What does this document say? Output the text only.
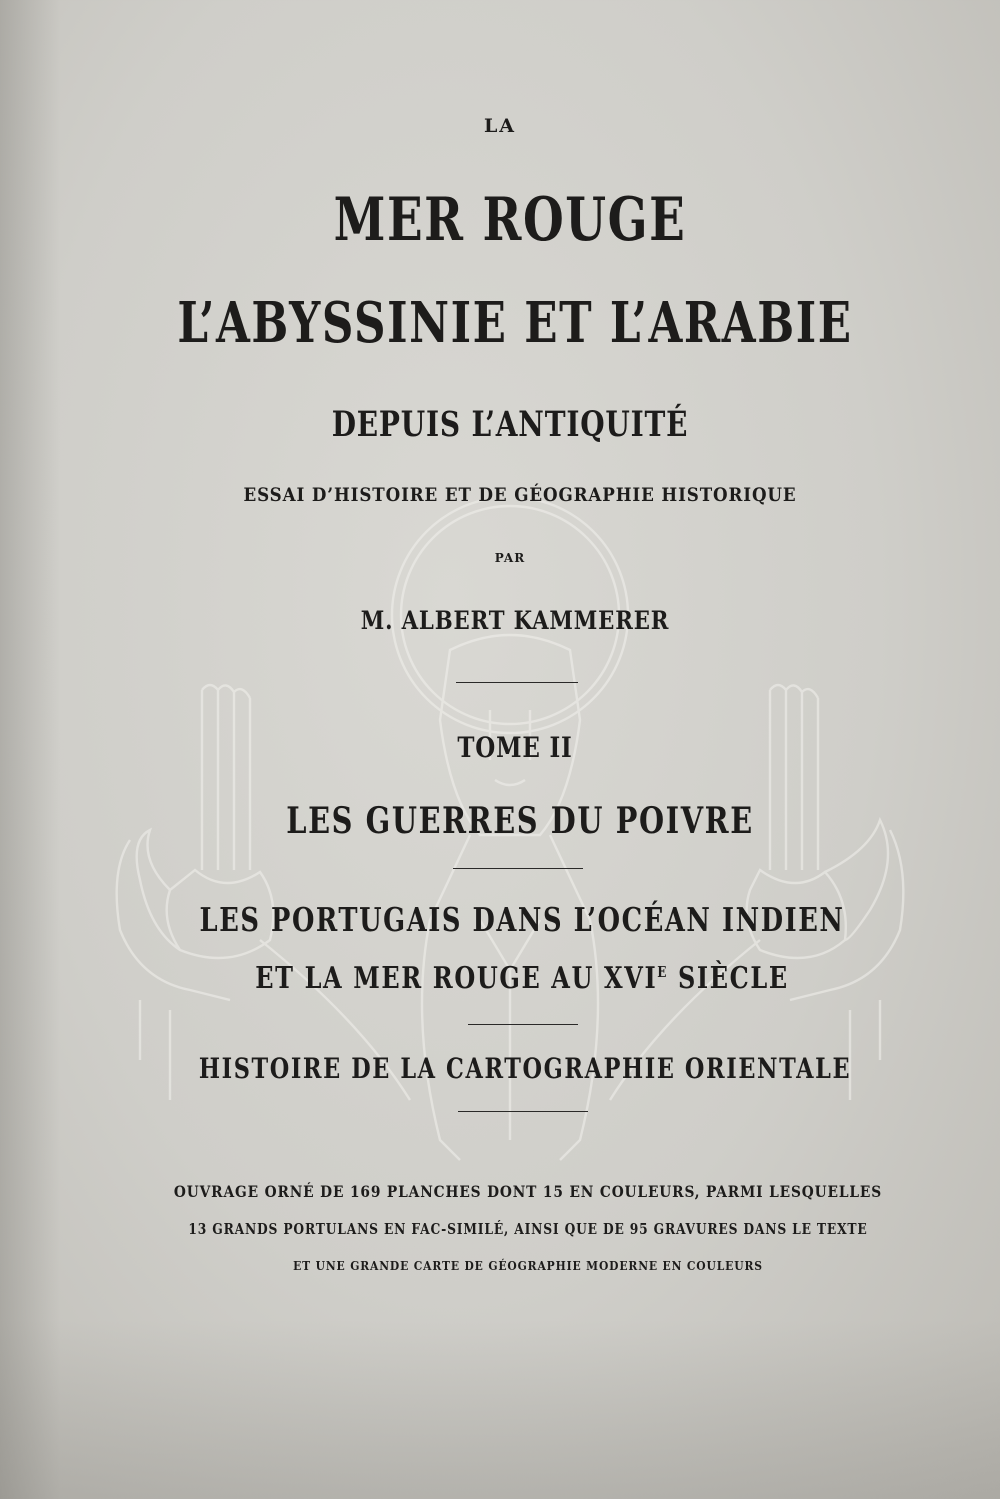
LA

MER ROUGE

L’ABYSSINIE ET L’ARABIE

DEPUIS L’ANTIQUITÉ

ESSAI D’HISTOIRE ET DE GÉOGRAPHIE HISTORIQUE

PAR

M. ALBERT KAMMERER

TOME II

LES GUERRES DU POIVRE

LES PORTUGAIS DANS L’OCÉAN INDIEN

ET LA MER ROUGE AU $XVI^E$ SIÈCLE

HISTOIRE DE LA CARTOGRAPHIE ORIENTALE

OUVRAGE ORNÉ DE 169 PLANCHES DONT 15 EN COULEURS, PARMI LESQUELLES

13 GRANDS PORTULANS EN FAC-SIMILÉ, AINSI QUE DE 95 GRAVURES DANS LE TEXTE

ET UNE GRANDE CARTE DE GÉOGRAPHIE MODERNE EN COULEURS
